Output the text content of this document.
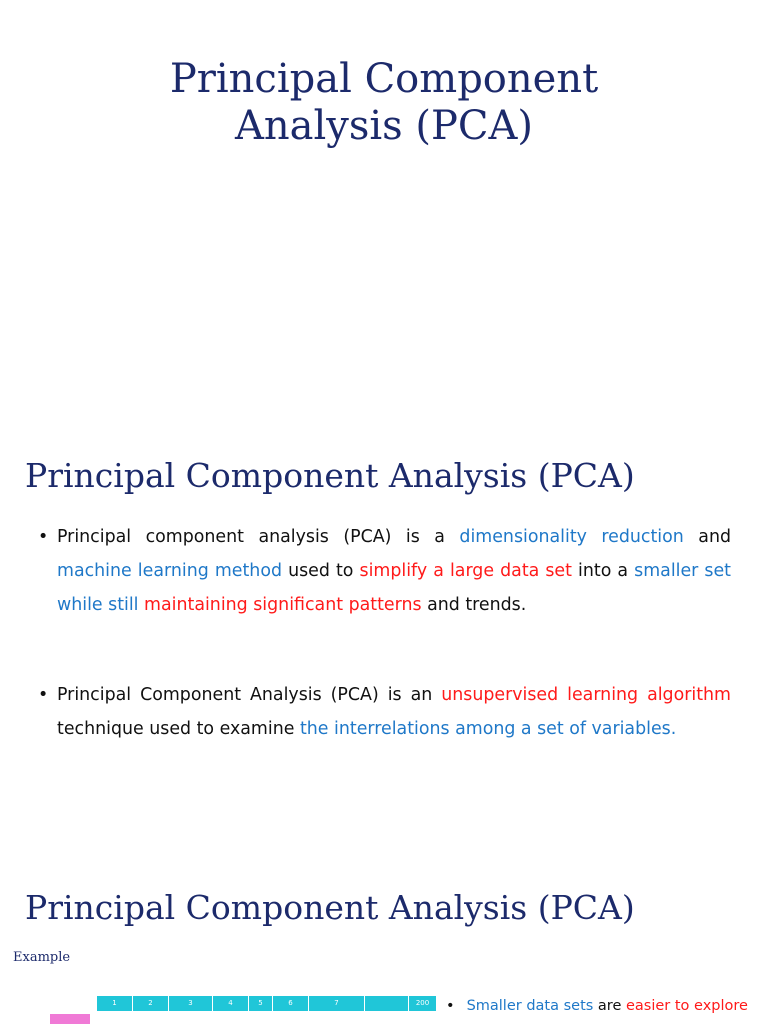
Principal Component
Analysis (PCA)
Principal Component Analysis (PCA)
• Principal component analysis (PCA) is a dimensionality reduction and machine learning method used to simplify a large data set into a smaller set while still maintaining significant patterns and trends.
• Principal Component Analysis (PCA) is an unsupervised learning algorithm technique used to examine the interrelations among a set of variables.
Principal Component Analysis (PCA)
Example
1	2	3	4	5	6	7	200	• Smaller data sets are easier to explore
